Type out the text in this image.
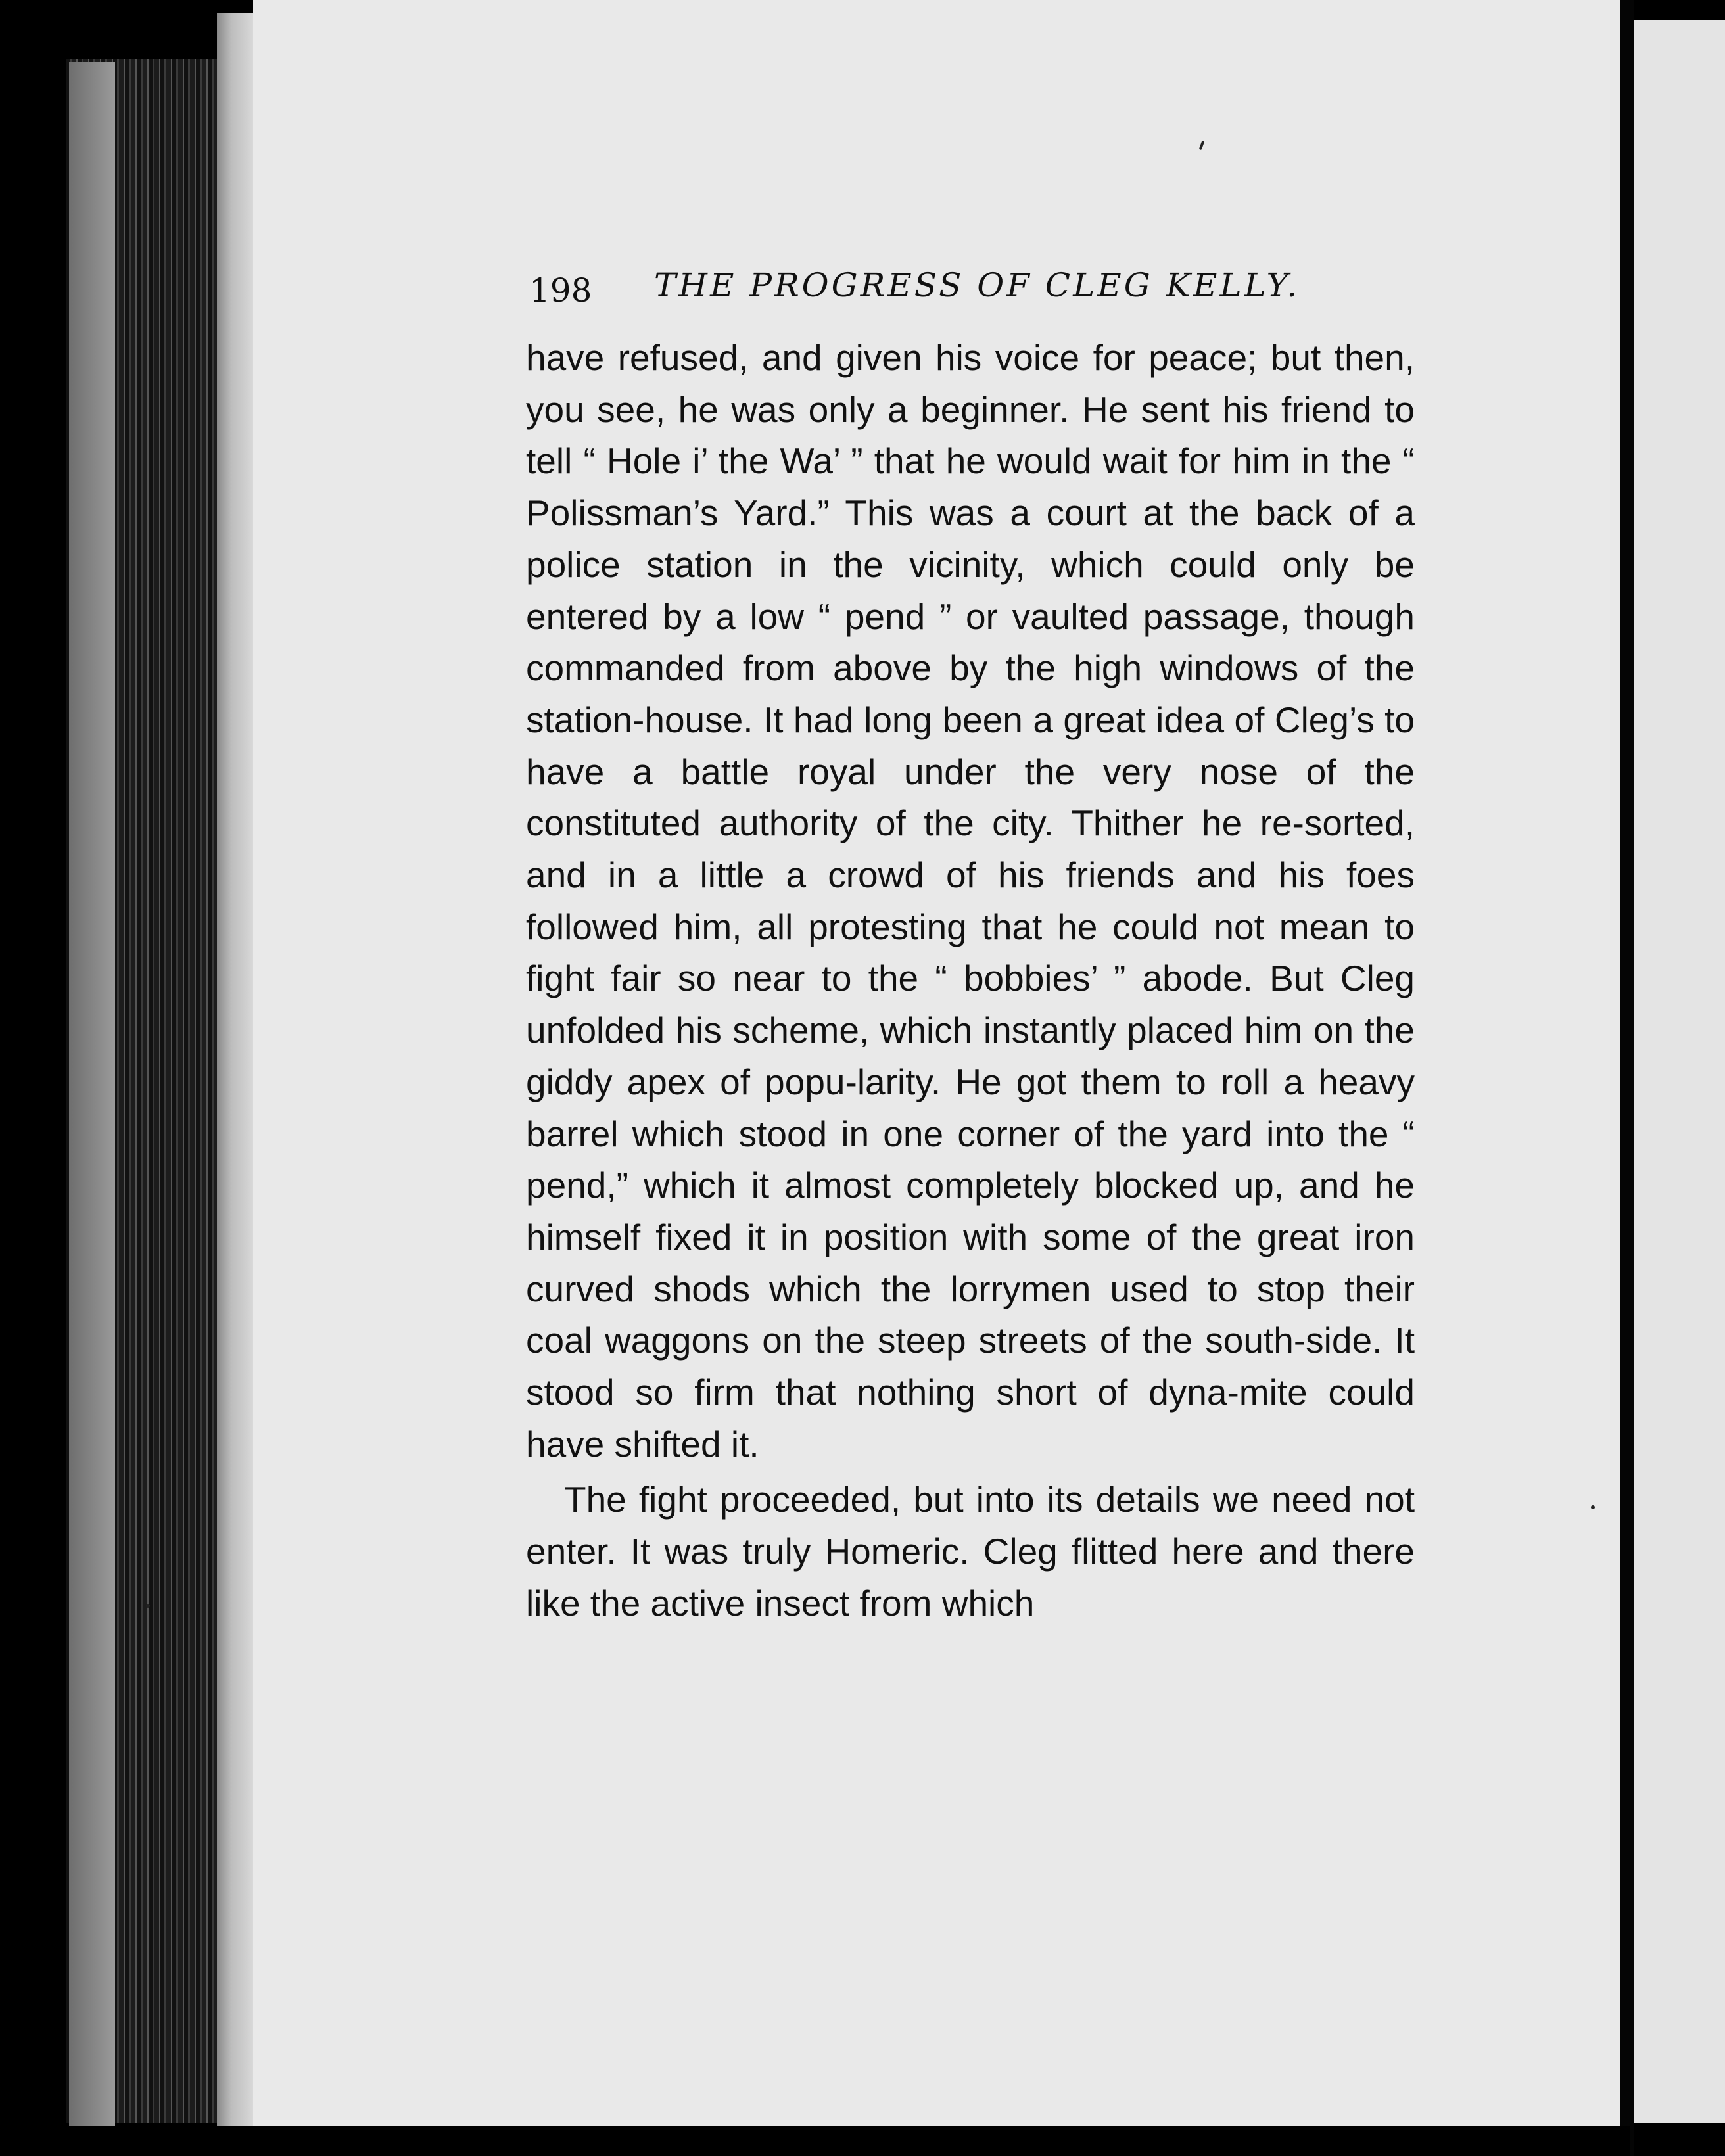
198 THE PROGRESS OF CLEG KELLY.

have refused, and given his voice for peace; but then, you see, he was only a beginner. He sent his friend to tell “ Hole i’ the Wa’ ” that he would wait for him in the “ Polissman’s Yard.” This was a court at the back of a police station in the vicinity, which could only be entered by a low “ pend ” or vaulted passage, though commanded from above by the high windows of the station-house. It had long been a great idea of Cleg’s to have a battle royal under the very nose of the constituted authority of the city. Thither he re-sorted, and in a little a crowd of his friends and his foes followed him, all protesting that he could not mean to fight fair so near to the “ bobbies’ ” abode. But Cleg unfolded his scheme, which instantly placed him on the giddy apex of popu-larity. He got them to roll a heavy barrel which stood in one corner of the yard into the “ pend,” which it almost completely blocked up, and he himself fixed it in position with some of the great iron curved shods which the lorrymen used to stop their coal waggons on the steep streets of the south-side. It stood so firm that nothing short of dyna-mite could have shifted it.

The fight proceeded, but into its details we need not enter. It was truly Homeric. Cleg flitted here and there like the active insect from which
